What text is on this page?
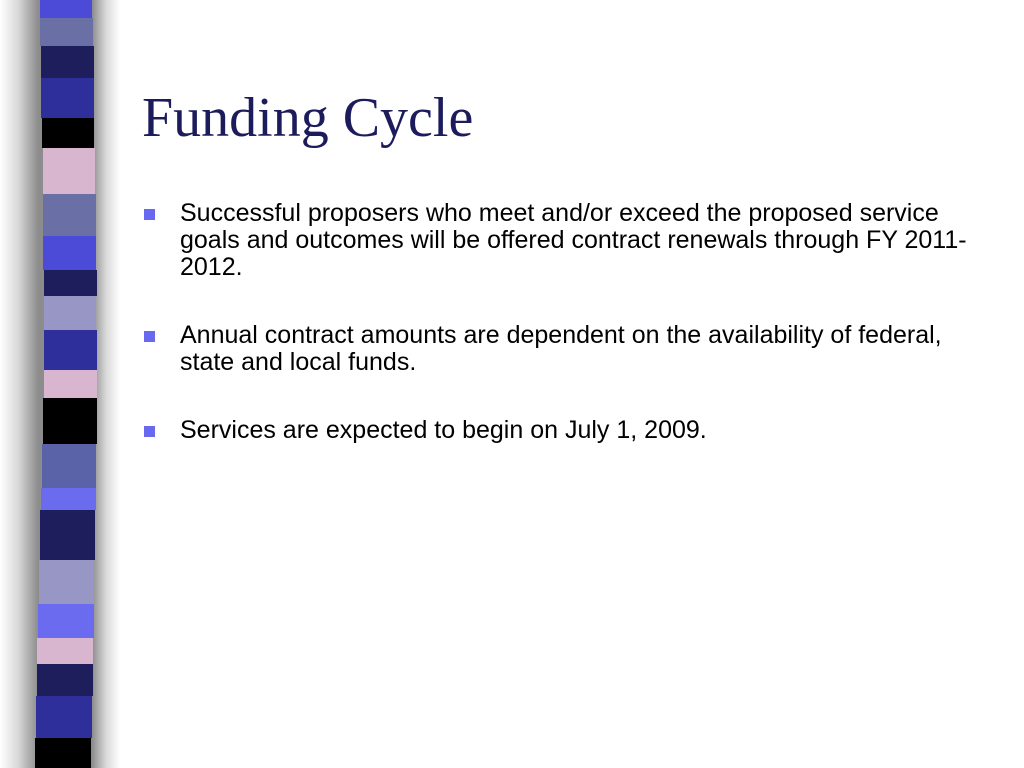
Funding Cycle
Successful proposers who meet and/or exceed the proposed service goals and outcomes will be offered contract renewals through FY 2011-2012.
Annual contract amounts are dependent on the availability of federal, state and local funds.
Services are expected to begin on July 1, 2009.
